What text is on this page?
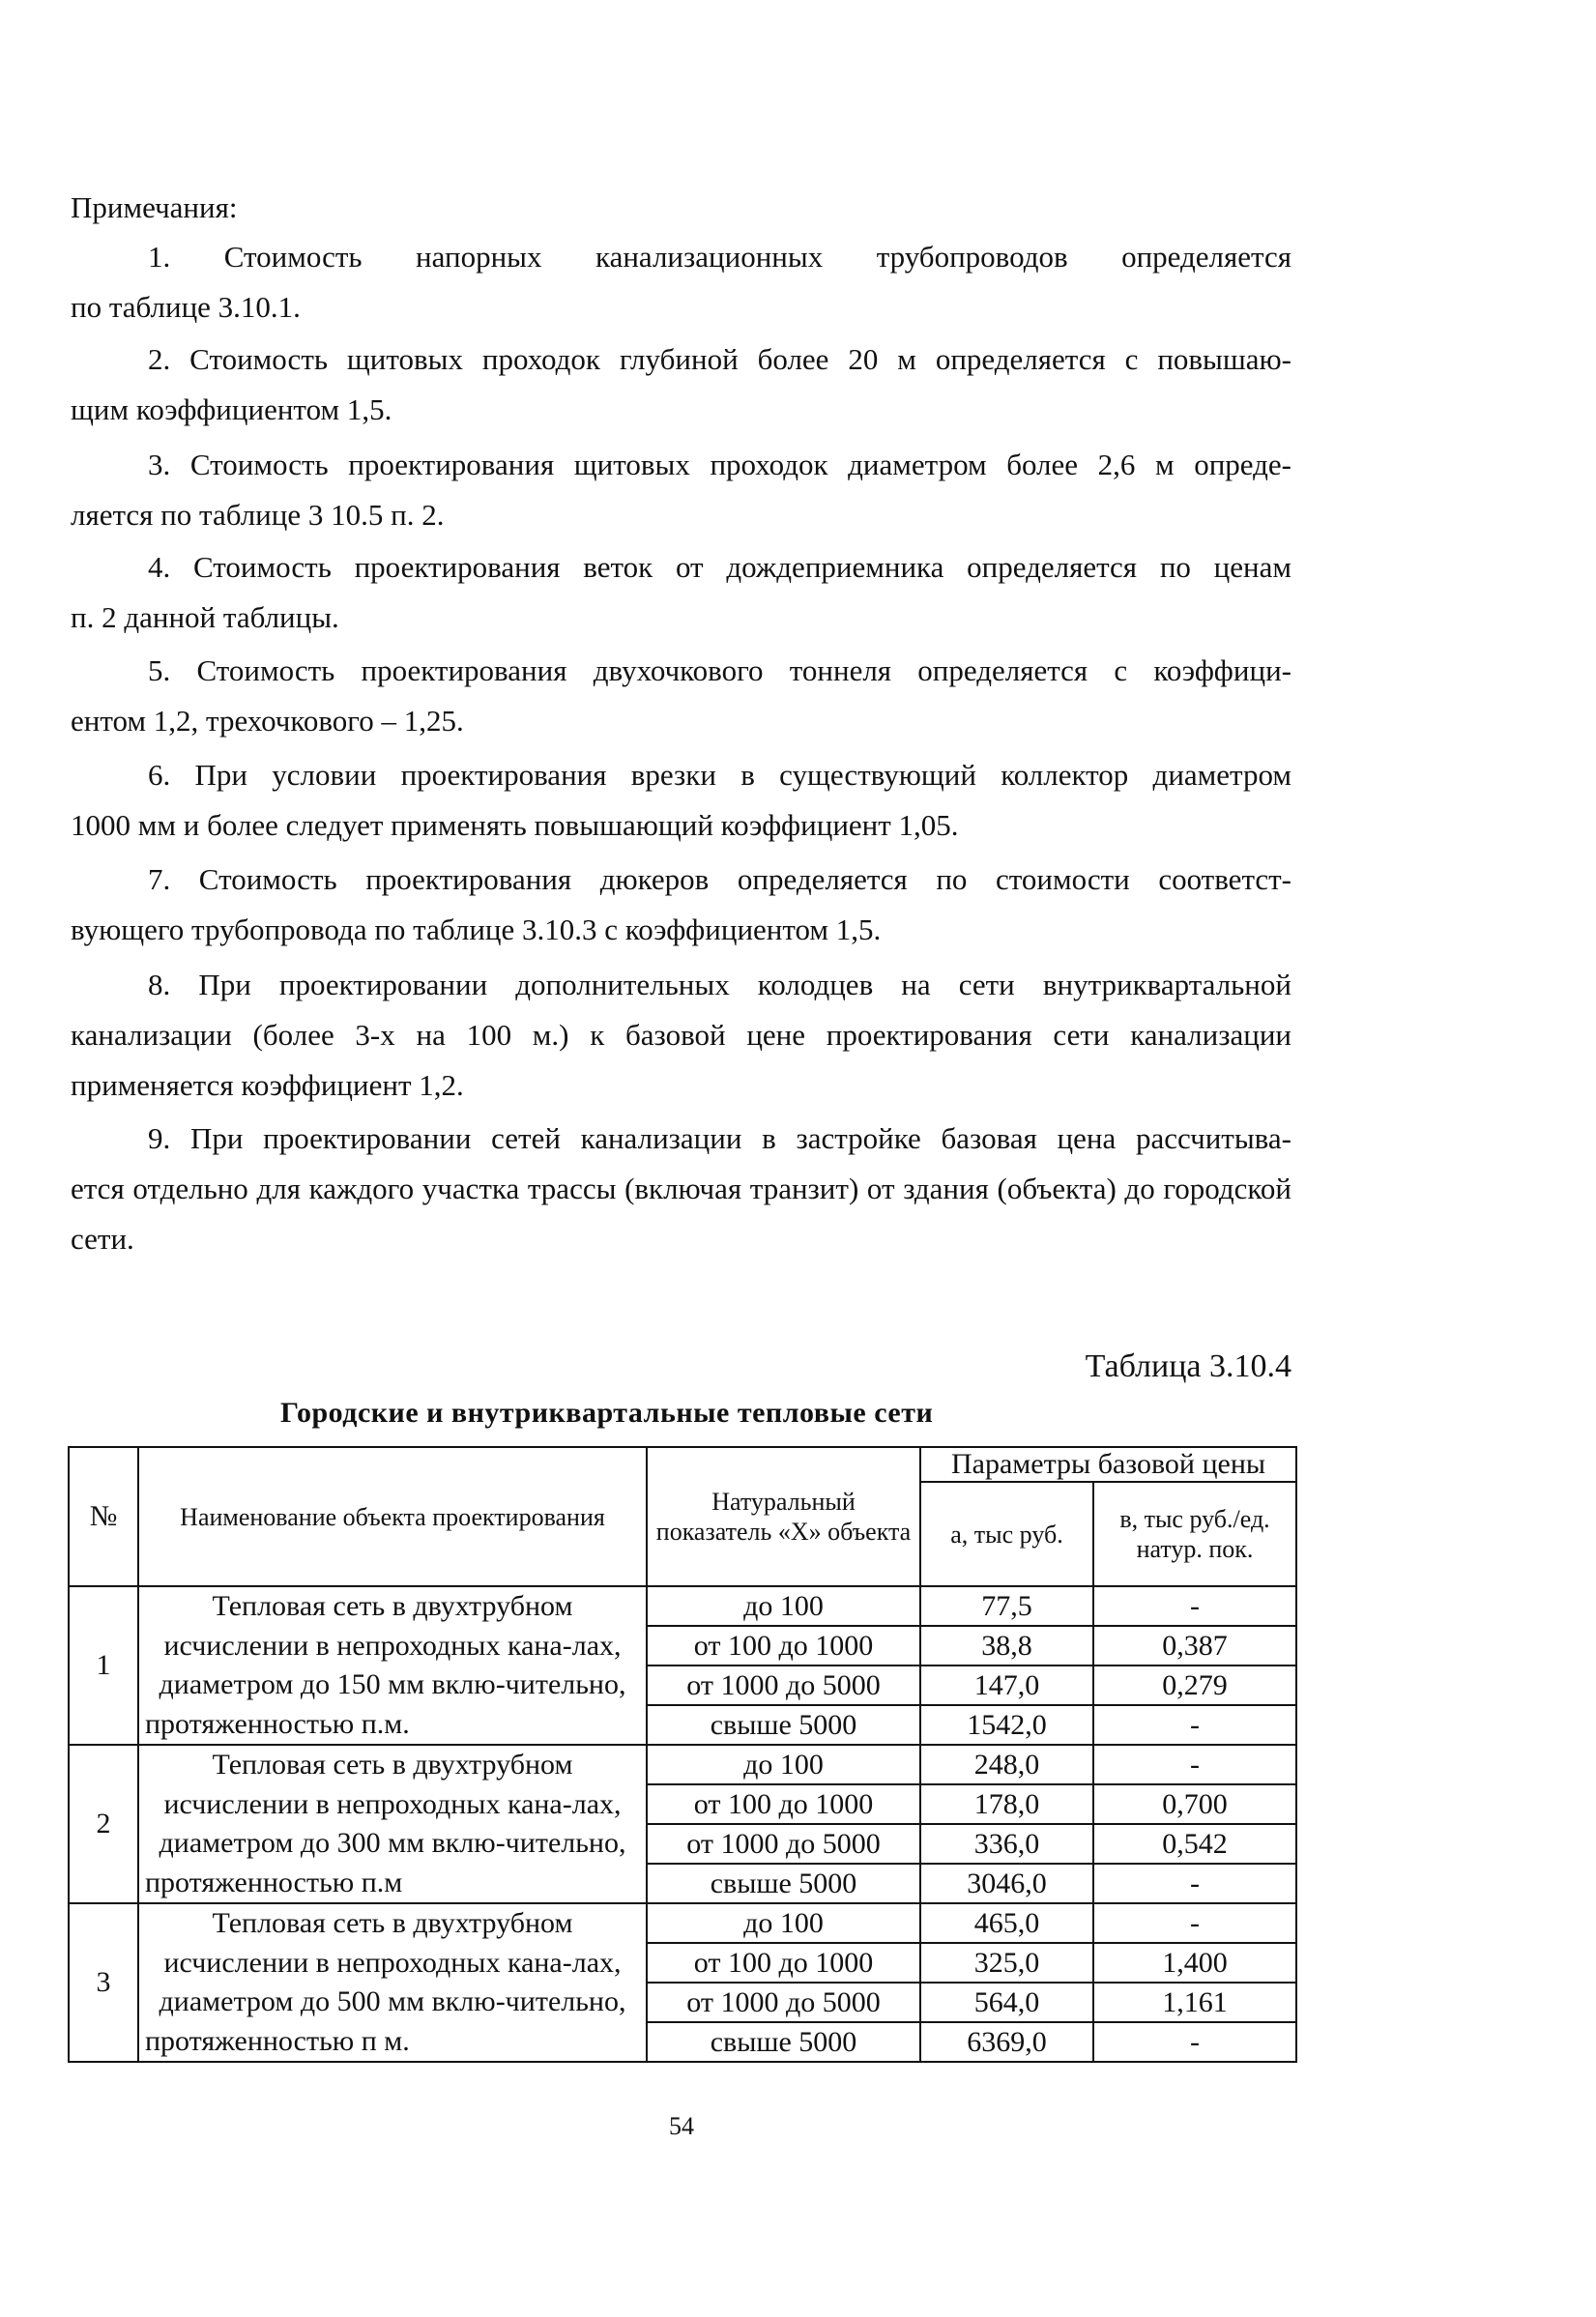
Примечания:
1. Стоимость напорных канализационных трубопроводов определяется
по таблице 3.10.1.
2. Стоимость щитовых проходок глубиной более 20 м определяется с повышаю-
щим коэффициентом 1,5.
3. Стоимость проектирования щитовых проходок диаметром более 2,6 м опреде-
ляется по таблице 3 10.5 п. 2.
4. Стоимость проектирования веток от дождеприемника определяется по ценам
п. 2 данной таблицы.
5. Стоимость проектирования двухочкового тоннеля определяется с коэффици-
ентом 1,2, трехочкового – 1,25.
6. При условии проектирования врезки в существующий коллектор диаметром
1000 мм и более следует применять повышающий коэффициент 1,05.
7. Стоимость проектирования дюкеров определяется по стоимости соответст-
вующего трубопровода по таблице 3.10.3 с коэффициентом 1,5.
8. При проектировании дополнительных колодцев на сети внутриквартальной
канализации (более 3-х на 100 м.) к базовой цене проектирования сети канализации применяется коэффициент 1,2.
9. При проектировании сетей канализации в застройке базовая цена рассчитыва-
ется отдельно для каждого участка трассы (включая транзит) от здания (объекта) до городской сети.
Таблица 3.10.4
Городские и внутриквартальные тепловые сети
№	Наименование объекта проектирования	Натуральный показатель «Х» объекта	Параметры базовой цены	
			a, тыс руб.	в, тыс руб./ед. натур. пок.
1	Тепловая сеть в двухтрубном исчислении в непроходных кана-лах, диаметром до 150 мм вклю-чительно, протяженностью п.м.	до 100	77,5	-
		от 100 до 1000	38,8	0,387
		от 1000 до 5000	147,0	0,279
		свыше 5000	1542,0	-
2	Тепловая сеть в двухтрубном исчислении в непроходных кана-лах, диаметром до 300 мм вклю-чительно, протяженностью п.м	до 100	248,0	-
		от 100 до 1000	178,0	0,700
		от 1000 до 5000	336,0	0,542
		свыше 5000	3046,0	-
3	Тепловая сеть в двухтрубном исчислении в непроходных кана-лах, диаметром до 500 мм вклю-чительно, протяженностью п м.	до 100	465,0	-
		от 100 до 1000	325,0	1,400
		от 1000 до 5000	564,0	1,161
		свыше 5000	6369,0	-
54
